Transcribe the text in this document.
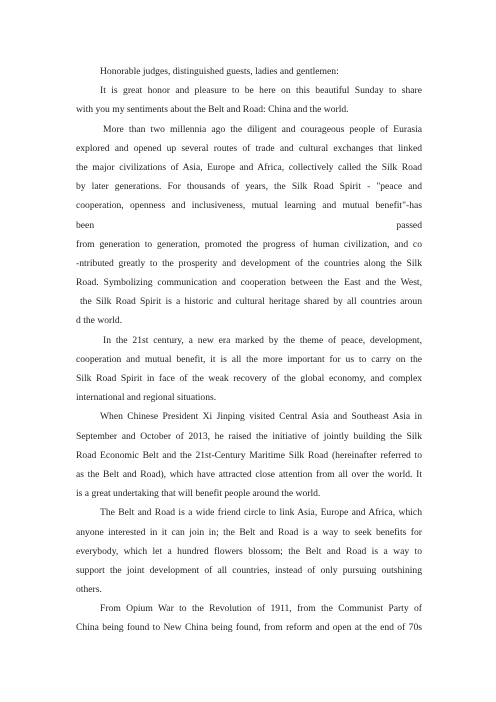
Honorable judges, distinguished guests, ladies and gentlemen:
It is great honor and pleasure to be here on this beautiful Sunday to share
with you my sentiments about the Belt and Road: China and the world.
More than two millennia ago the diligent and courageous people of Eurasia
explored and opened up several routes of trade and cultural exchanges that linked
the major civilizations of Asia, Europe and Africa, collectively called the Silk Road
by later generations. For thousands of years, the Silk Road Spirit - "peace and
cooperation, openness and inclusiveness, mutual learning and mutual benefit"-has
been passed
from generation to generation, promoted the progress of human civilization, and co
-ntributed greatly to the prosperity and development of the countries along the Silk
Road. Symbolizing communication and cooperation between the East and the West,
the Silk Road Spirit is a historic and cultural heritage shared by all countries aroun
d the world.
In the 21st century, a new era marked by the theme of peace, development,
cooperation and mutual benefit, it is all the more important for us to carry on the
Silk Road Spirit in face of the weak recovery of the global economy, and complex
international and regional situations.
When Chinese President Xi Jinping visited Central Asia and Southeast Asia in
September and October of 2013, he raised the initiative of jointly building the Silk
Road Economic Belt and the 21st-Century Maritime Silk Road (hereinafter referred to
as the Belt and Road), which have attracted close attention from all over the world. It
is a great undertaking that will benefit people around the world.
The Belt and Road is a wide friend circle to link Asia, Europe and Africa, which
anyone interested in it can join in; the Belt and Road is a way to seek benefits for
everybody, which let a hundred flowers blossom; the Belt and Road is a way to
support the joint development of all countries, instead of only pursuing outshining
others.
From Opium War to the Revolution of 1911, from the Communist Party of
China being found to New China being found, from reform and open at the end of 70s
